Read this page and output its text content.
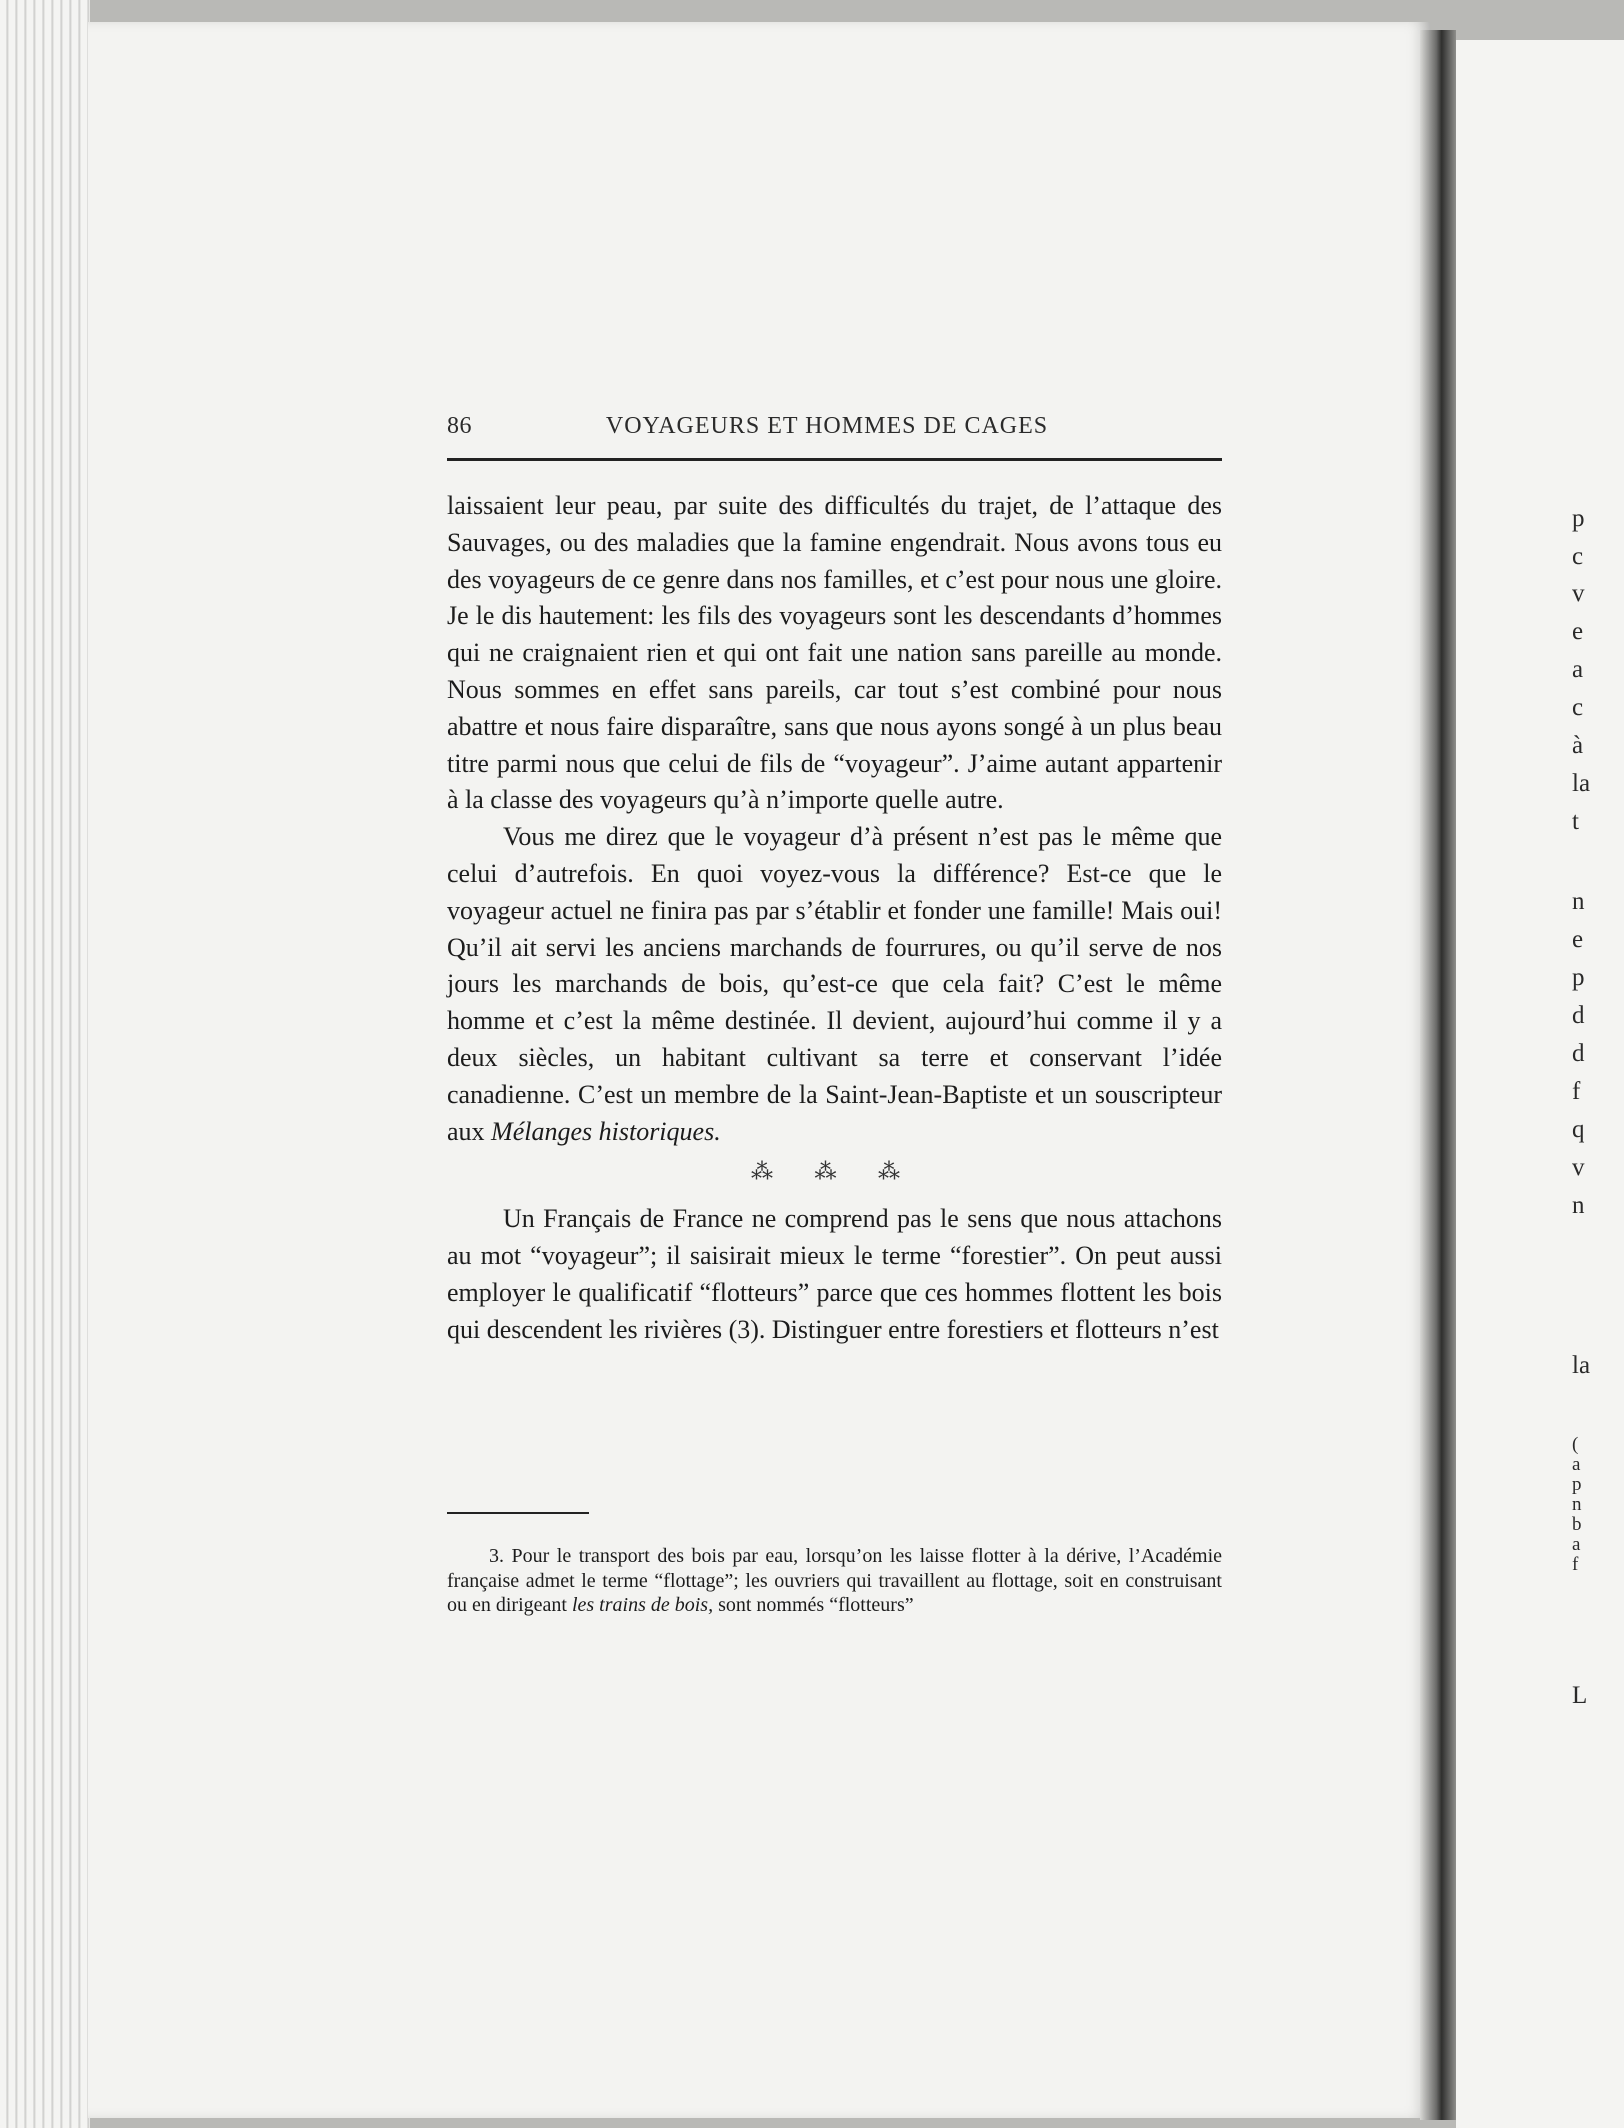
86	VOYAGEURS ET HOMMES DE CAGES

laissaient leur peau, par suite des difficultés du trajet, de l’attaque des Sauvages, ou des maladies que la famine engendrait. Nous avons tous eu des voyageurs de ce genre dans nos familles, et c’est pour nous une gloire. Je le dis hautement: les fils des voyageurs sont les descendants d’hommes qui ne craignaient rien et qui ont fait une nation sans pareille au monde. Nous sommes en effet sans pareils, car tout s’est combiné pour nous abattre et nous faire disparaître, sans que nous ayons songé à un plus beau titre parmi nous que celui de fils de “voyageur”. J’aime autant appartenir à la classe des voyageurs qu’à n’importe quelle autre.

Vous me direz que le voyageur d’à présent n’est pas le même que celui d’autrefois. En quoi voyez-vous la différence? Est-ce que le voyageur actuel ne finira pas par s’établir et fonder une famille! Mais oui! Qu’il ait servi les anciens marchands de fourrures, ou qu’il serve de nos jours les marchands de bois, qu’est-ce que cela fait? C’est le même homme et c’est la même destinée. Il devient, aujourd’hui comme il y a deux siècles, un habitant cultivant sa terre et conservant l’idée canadienne. C’est un membre de la Saint-Jean-Baptiste et un souscripteur aux Mélanges historiques.

⁂ ⁂ ⁂

Un Français de France ne comprend pas le sens que nous attachons au mot “voyageur”; il saisirait mieux le terme “forestier”. On peut aussi employer le qualificatif “flotteurs” parce que ces hommes flottent les bois qui descendent les rivières (3). Distinguer entre forestiers et flotteurs n’est

3. Pour le transport des bois par eau, lorsqu’on les laisse flotter à la dérive, l’Académie française admet le terme “flottage”; les ouvriers qui travaillent au flottage, soit en construisant ou en dirigeant les trains de bois, sont nommés “flotteurs”
p
c
v
e
a
c
à
la
t
n
e
p
d
d
f
q
v
n
la
(
a
p
n
b
a
f
L
